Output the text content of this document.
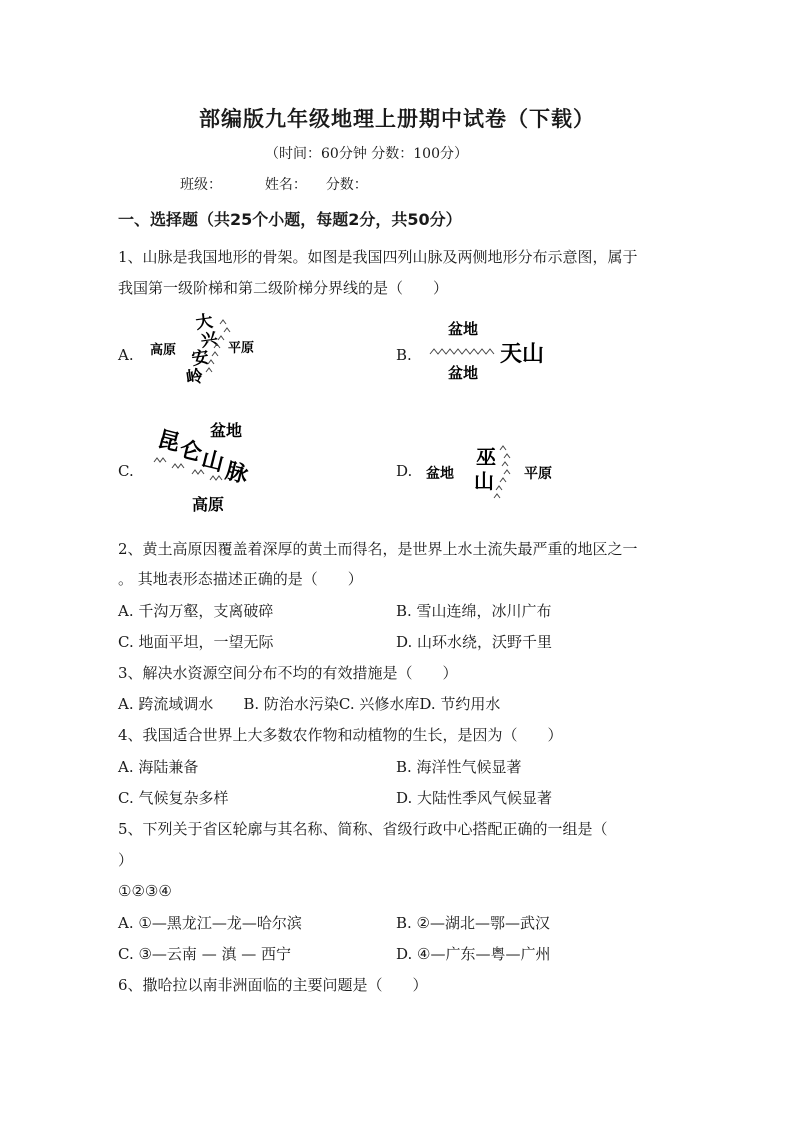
部编版九年级地理上册期中试卷（下载）
（时间：60分钟 分数：100分）
班级：	姓名： 分数：
一、选择题（共25个小题，每题2分，共50分）
1、山脉是我国地形的骨架。如图是我国四列山脉及两侧地形分布示意图，属于
我国第一级阶梯和第二级阶梯分界线的是（　　）
A. 高原	平原
大
兴
安
岭
B.
盆地
盆地
天山
C.
盆地
高原
昆
仑
山
脉	D. 盆地	平原
巫
山
2、黄土高原因覆盖着深厚的黄土而得名，是世界上水土流失最严重的地区之一
。 其地表形态描述正确的是（　　）
A. 千沟万壑，支离破碎	B. 雪山连绵，冰川广布
C. 地面平坦，一望无际	D. 山环水绕，沃野千里
3、解决水资源空间分布不均的有效措施是（　　）
A. 跨流域调水　　B. 防治水污染C. 兴修水库D. 节约用水
4、我国适合世界上大多数农作物和动植物的生长，是因为（　　）
A. 海陆兼备	B. 海洋性气候显著
C. 气候复杂多样	D. 大陆性季风气候显著
5、下列关于省区轮廓与其名称、简称、省级行政中心搭配正确的一组是（
）
①②③④
A. ①—黑龙江—龙—哈尔滨	B. ②—湖北—鄂—武汉
C. ③—云南 — 滇 — 西宁	D. ④—广东—粤—广州
6、撒哈拉以南非洲面临的主要问题是（　　）
